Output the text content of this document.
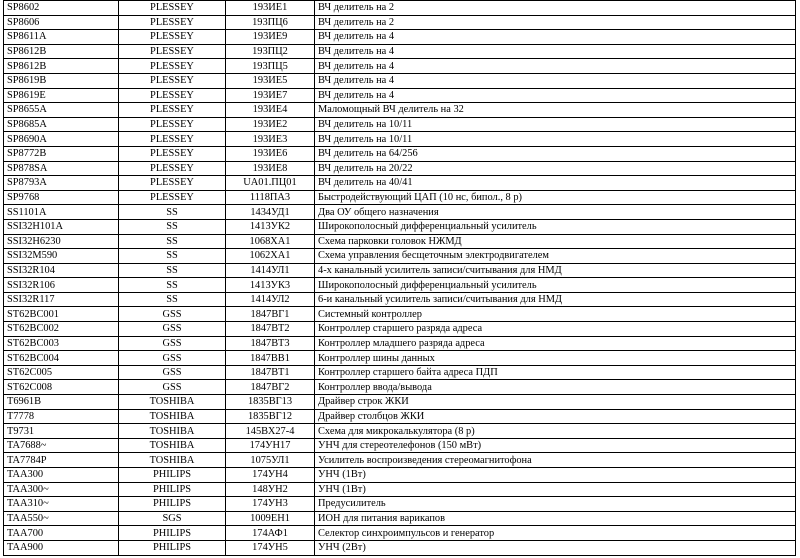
SP8602	PLESSEY	193ИЕ1	ВЧ делитель на 2
SP8606	PLESSEY	193ПЦ6	ВЧ делитель на 2
SP8611A	PLESSEY	193ИЕ9	ВЧ делитель на 4
SP8612B	PLESSEY	193ПЦ2	ВЧ делитель на 4
SP8612B	PLESSEY	193ПЦ5	ВЧ делитель на 4
SP8619B	PLESSEY	193ИЕ5	ВЧ делитель на 4
SP8619E	PLESSEY	193ИЕ7	ВЧ делитель на 4
SP8655A	PLESSEY	193ИЕ4	Маломощный ВЧ делитель на 32
SP8685A	PLESSEY	193ИЕ2	ВЧ делитель на 10/11
SP8690A	PLESSEY	193ИЕ3	ВЧ делитель на 10/11
SP8772B	PLESSEY	193ИЕ6	ВЧ делитель на 64/256
SP878SA	PLESSEY	193ИЕ8	ВЧ делитель на 20/22
SP8793A	PLESSEY	UA01.ПЦ01	ВЧ делитель на 40/41
SP9768	PLESSEY	1118ПА3	Быстродействующий ЦАП (10 нс, бипол., 8 р)
SS1101A	SS	1434УД1	Два ОУ общего назначения
SSI32H101A	SS	1413УК2	Широкополосный дифференциальный усилитель
SSI32H6230	SS	1068ХА1	Схема парковки головок НЖМД
SSI32M590	SS	1062ХА1	Схема управления бесщеточным электродвигателем
SSI32R104	SS	1414УЛ1	4-х канальный усилитель записи/считывания для НМД
SSI32R106	SS	1413УК3	Широкополосный дифференциальный усилитель
SSI32R117	SS	1414УЛ2	6-и канальный усилитель записи/считывания для НМД
ST62BC001	GSS	1847ВГ1	Системный контроллер
ST62BC002	GSS	1847ВТ2	Контроллер старшего разряда адреса
ST62BC003	GSS	1847ВТ3	Контроллер младшего разряда адреса
ST62BC004	GSS	1847ВВ1	Контроллер шины данных
ST62C005	GSS	1847ВТ1	Контроллер старшего байта адреса ПДП
ST62C008	GSS	1847ВГ2	Контроллер ввода/вывода
T6961B	TOSHIBA	1835ВГ13	Драйвер строк ЖКИ
T7778	TOSHIBA	1835ВГ12	Драйвер столбцов ЖКИ
T9731	TOSHIBA	145ВХ27-4	Схема для микрокалькулятора (8 р)
TA7688~	TOSHIBA	174УН17	УНЧ для стереотелефонов (150 мВт)
TA7784P	TOSHIBA	1075УЛ1	Усилитель воспроизведения стереомагнитофона
TAA300	PHILIPS	174УН4	УНЧ (1Вт)
TAA300~	PHILIPS	148УН2	УНЧ (1Вт)
TAA310~	PHILIPS	174УН3	Предусилитель
TAA550~	SGS	1009ЕН1	ИОН для питания варикапов
TAA700	PHILIPS	174АФ1	Селектор синхроимпульсов и генератор
TAA900	PHILIPS	174УН5	УНЧ (2Вт)
